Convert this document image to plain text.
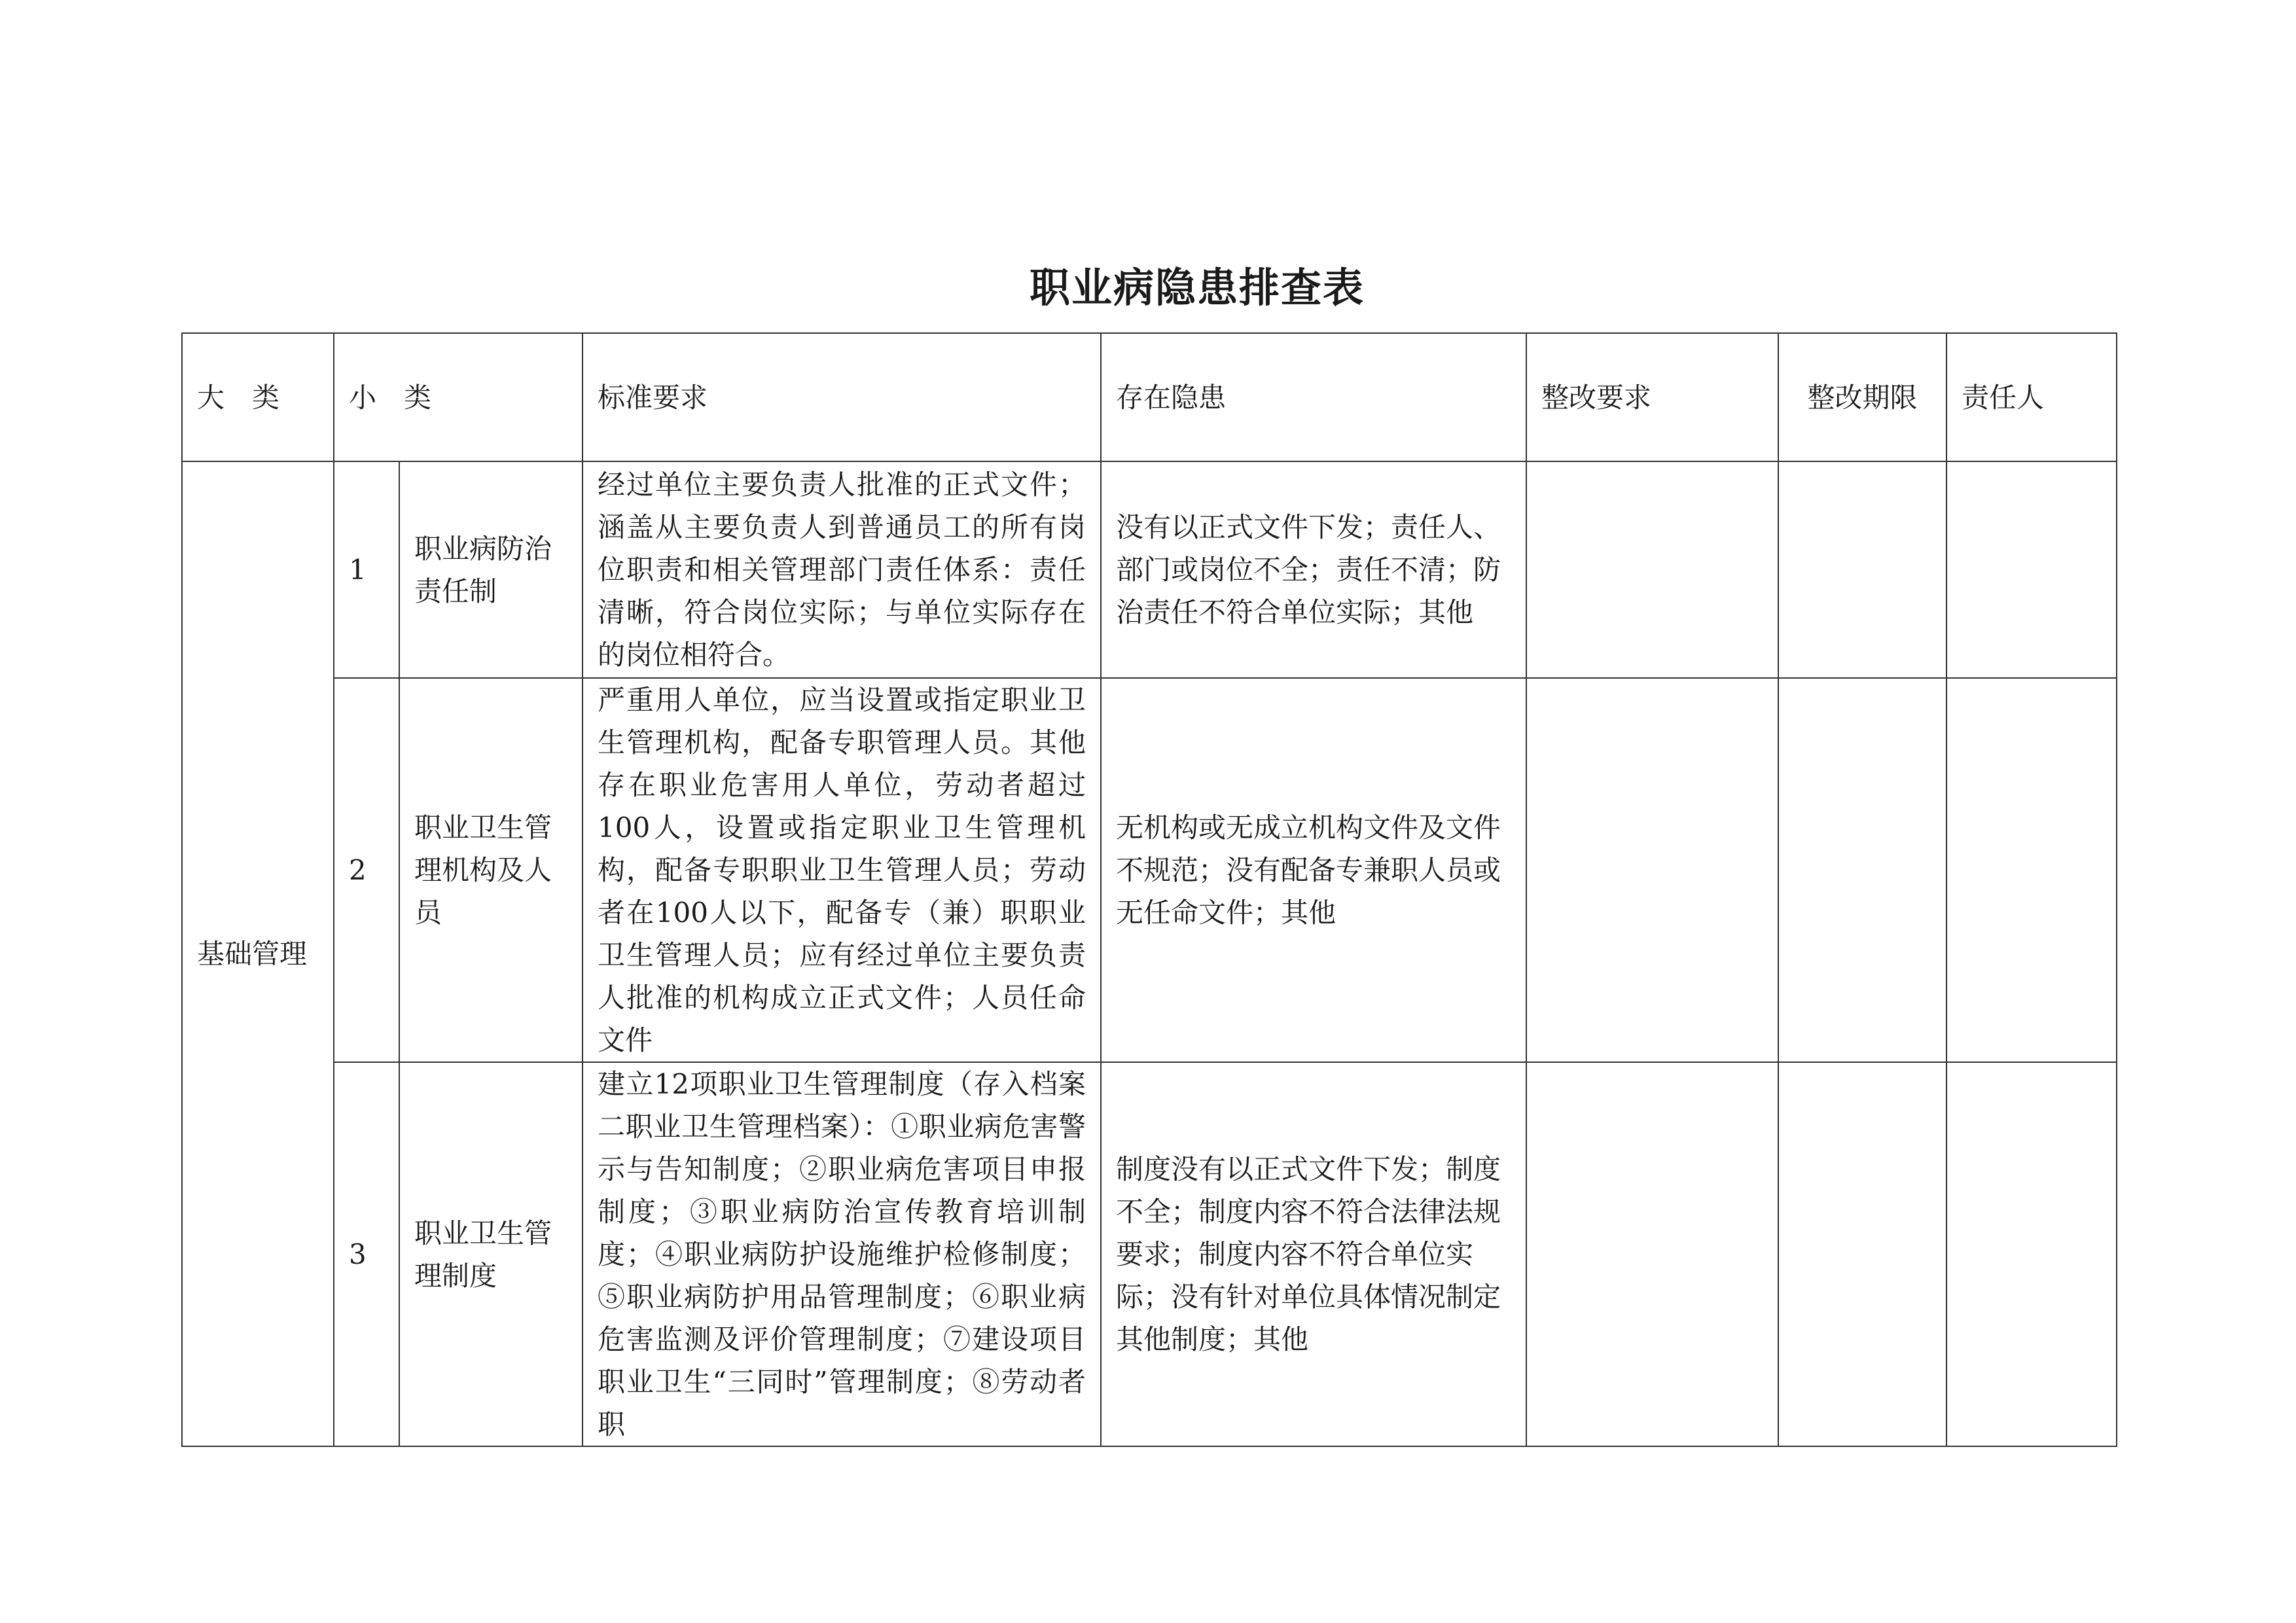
职业病隐患排查表
大　类	小　类		标准要求	存在隐患	整改要求	整改期限	责任人
基础管理	1	职业病防治责任制	经过单位主要负责人批准的正式文件；涵盖从主要负责人到普通员工的所有岗位职责和相关管理部门责任体系：责任清晰，符合岗位实际；与单位实际存在的岗位相符合。	没有以正式文件下发；责任人、部门或岗位不全；责任不清；防治责任不符合单位实际；其他			
	2	职业卫生管理机构及人员	严重用人单位，应当设置或指定职业卫生管理机构，配备专职管理人员。其他存在职业危害用人单位，劳动者超过100人，设置或指定职业卫生管理机构，配备专职职业卫生管理人员；劳动者在100人以下，配备专（兼）职职业卫生管理人员；应有经过单位主要负责人批准的机构成立正式文件；人员任命文件	无机构或无成立机构文件及文件不规范；没有配备专兼职人员或无任命文件；其他			
	3	职业卫生管理制度	建立12项职业卫生管理制度（存入档案二职业卫生管理档案）：①职业病危害警示与告知制度；②职业病危害项目申报制度；③职业病防治宣传教育培训制度；④职业病防护设施维护检修制度；⑤职业病防护用品管理制度；⑥职业病危害监测及评价管理制度；⑦建设项目职业卫生“三同时”管理制度；⑧劳动者职	制度没有以正式文件下发；制度不全；制度内容不符合法律法规要求；制度内容不符合单位实际；没有针对单位具体情况制定其他制度；其他			
